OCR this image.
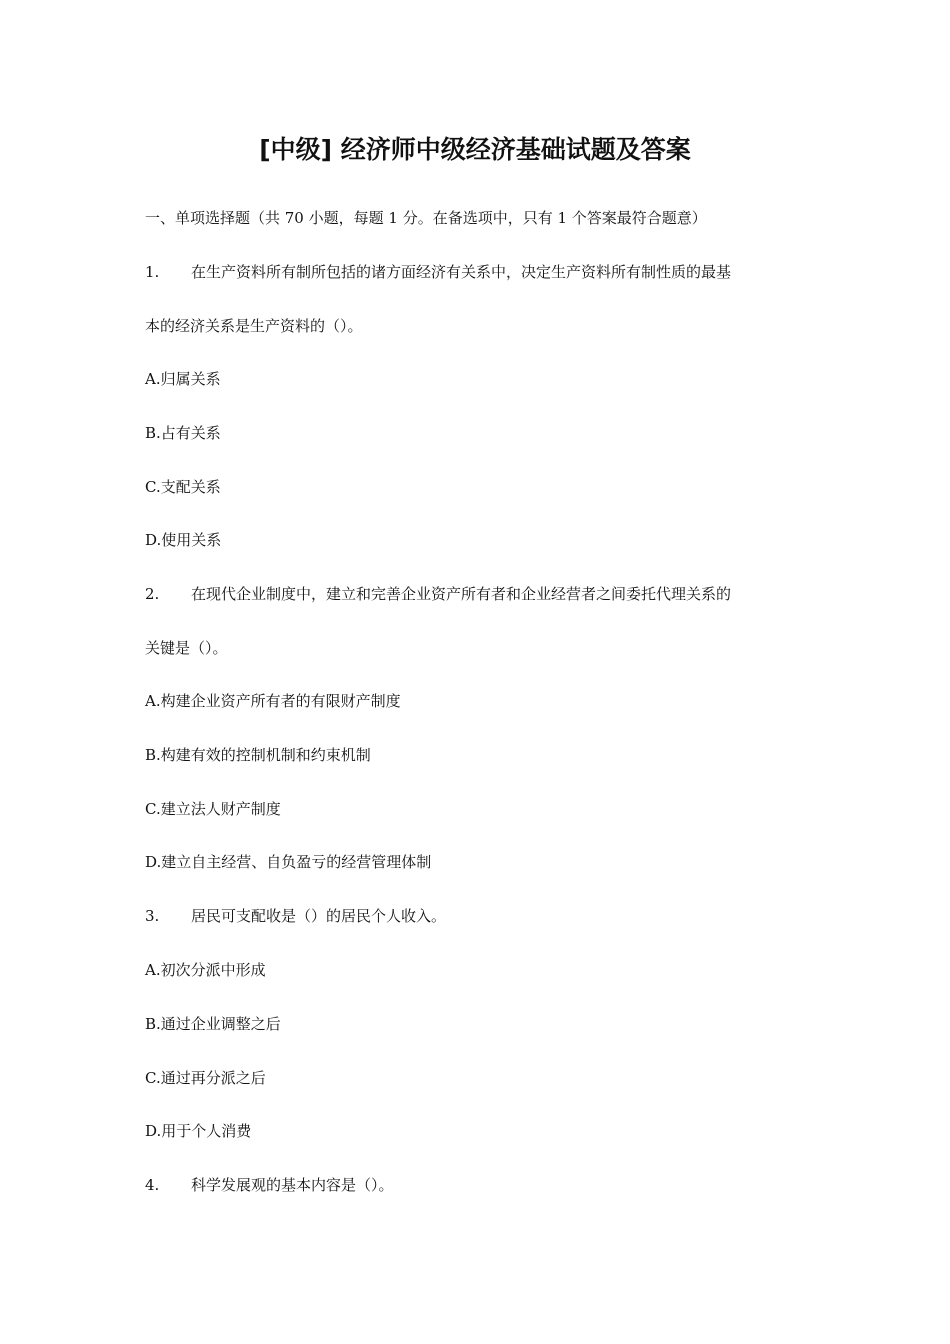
[中级] 经济师中级经济基础试题及答案
一、单项选择题（共 70 小题，每题 1 分。在备选项中，只有 1 个答案最符合题意）
1. 在生产资料所有制所包括的诸方面经济有关系中，决定生产资料所有制性质的最基
本的经济关系是生产资料的（）。
A.归属关系
B.占有关系
C.支配关系
D.使用关系
2. 在现代企业制度中，建立和完善企业资产所有者和企业经营者之间委托代理关系的
关键是（）。
A.构建企业资产所有者的有限财产制度
B.构建有效的控制机制和约束机制
C.建立法人财产制度
D.建立自主经营、自负盈亏的经营管理体制
3. 居民可支配收是（）的居民个人收入。
A.初次分派中形成
B.通过企业调整之后
C.通过再分派之后
D.用于个人消费
4. 科学发展观的基本内容是（）。
